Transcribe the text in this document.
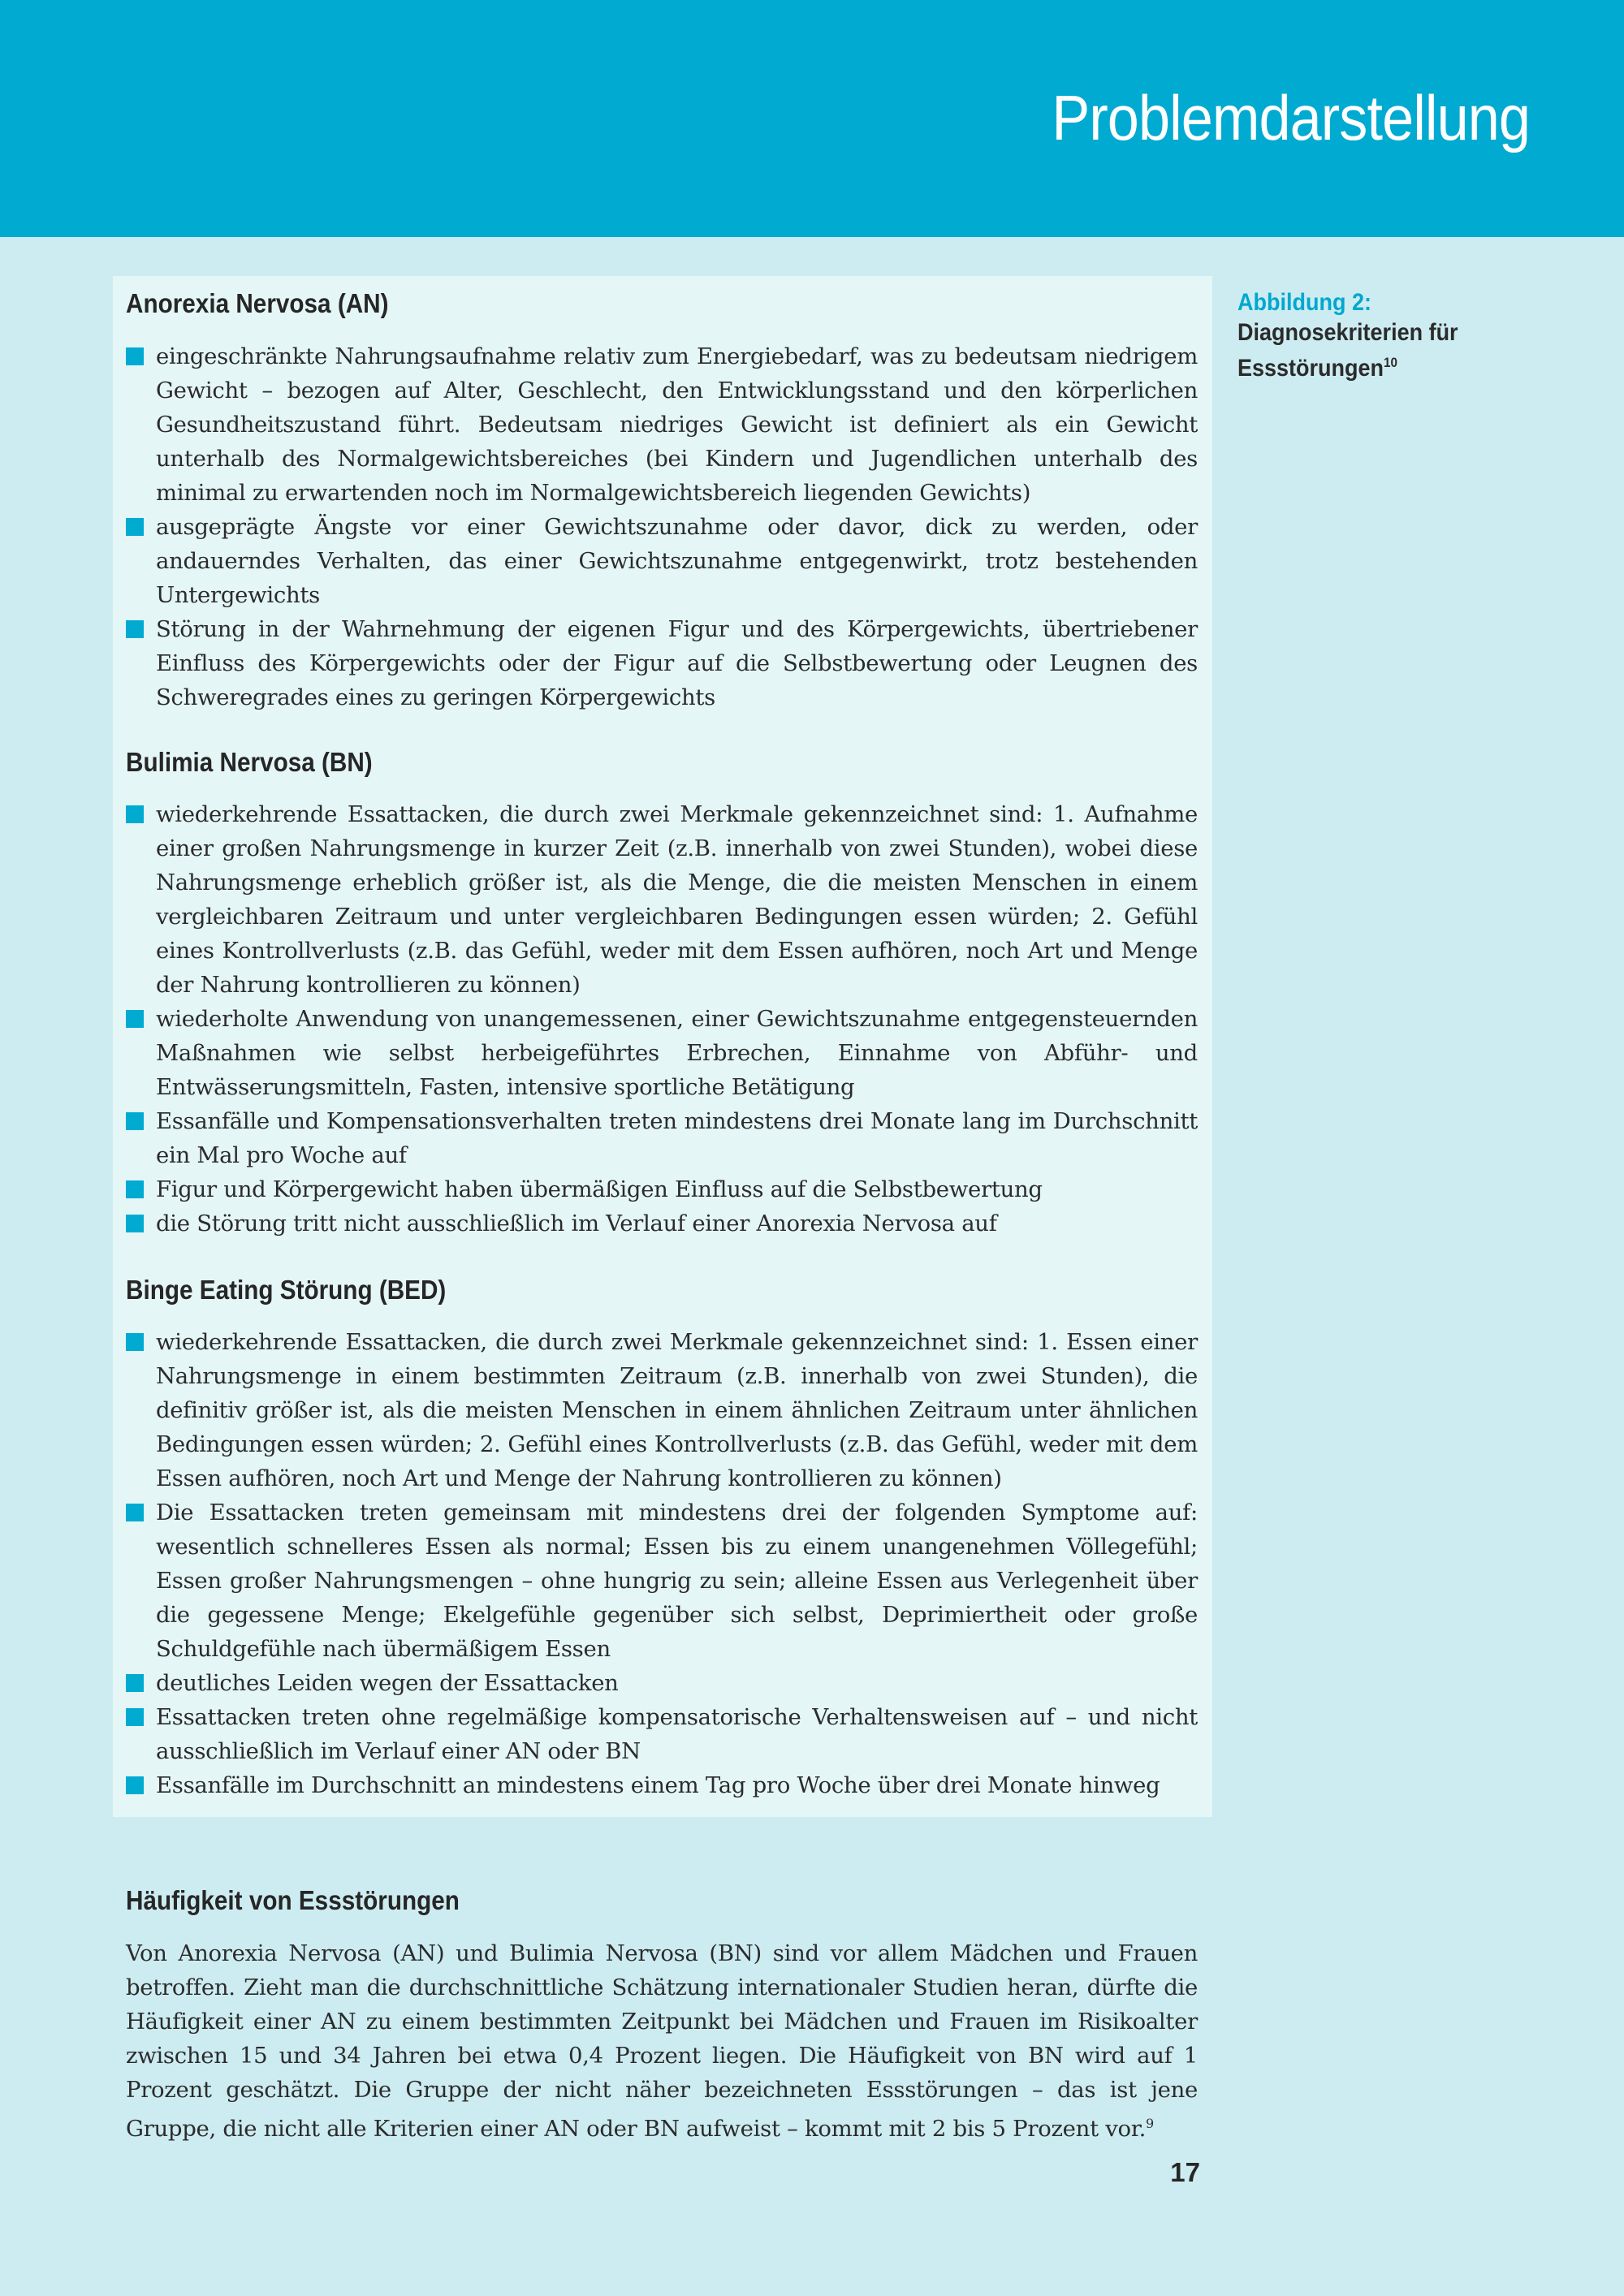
Problemdarstellung
Anorexia Nervosa (AN)
eingeschränkte Nahrungsaufnahme relativ zum Energiebedarf, was zu bedeutsam niedrigem Gewicht – bezogen auf Alter, Geschlecht, den Entwicklungsstand und den körperlichen Gesundheitszustand führt. Bedeutsam niedriges Gewicht ist definiert als ein Gewicht unterhalb des Normalgewichtsbereiches (bei Kindern und Jugendlichen unterhalb des minimal zu erwartenden noch im Normalgewichtsbereich liegenden Gewichts)
ausgeprägte Ängste vor einer Gewichtszunahme oder davor, dick zu werden, oder andauerndes Verhalten, das einer Gewichtszunahme entgegenwirkt, trotz bestehenden Untergewichts
Störung in der Wahrnehmung der eigenen Figur und des Körpergewichts, übertriebener Einfluss des Körpergewichts oder der Figur auf die Selbstbewertung oder Leugnen des Schweregrades eines zu geringen Körpergewichts
Bulimia Nervosa (BN)
wiederkehrende Essattacken, die durch zwei Merkmale gekennzeichnet sind: 1. Aufnahme einer großen Nahrungsmenge in kurzer Zeit (z.B. innerhalb von zwei Stunden), wobei diese Nahrungsmenge erheblich größer ist, als die Menge, die die meisten Menschen in einem vergleichbaren Zeitraum und unter vergleichbaren Bedingungen essen würden; 2. Gefühl eines Kontrollverlusts (z.B. das Gefühl, weder mit dem Essen aufhören, noch Art und Menge der Nahrung kontrollieren zu können)
wiederholte Anwendung von unangemessenen, einer Gewichtszunahme entgegensteuernden Maßnahmen wie selbst herbeigeführtes Erbrechen, Einnahme von Abführ- und Entwässerungsmitteln, Fasten, intensive sportliche Betätigung
Essanfälle und Kompensationsverhalten treten mindestens drei Monate lang im Durchschnitt ein Mal pro Woche auf
Figur und Körpergewicht haben übermäßigen Einfluss auf die Selbstbewertung
die Störung tritt nicht ausschließlich im Verlauf einer Anorexia Nervosa auf
Binge Eating Störung (BED)
wiederkehrende Essattacken, die durch zwei Merkmale gekennzeichnet sind: 1. Essen einer Nahrungsmenge in einem bestimmten Zeitraum (z.B. innerhalb von zwei Stunden), die definitiv größer ist, als die meisten Menschen in einem ähnlichen Zeitraum unter ähnlichen Bedingungen essen würden; 2. Gefühl eines Kontrollverlusts (z.B. das Gefühl, weder mit dem Essen aufhören, noch Art und Menge der Nahrung kontrollieren zu können)
Die Essattacken treten gemeinsam mit mindestens drei der folgenden Symptome auf: wesentlich schnelleres Essen als normal; Essen bis zu einem unangenehmen Völlegefühl; Essen großer Nahrungsmengen – ohne hungrig zu sein; alleine Essen aus Verlegenheit über die gegessene Menge; Ekelgefühle gegenüber sich selbst, Deprimiertheit oder große Schuldgefühle nach übermäßigem Essen
deutliches Leiden wegen der Essattacken
Essattacken treten ohne regelmäßige kompensatorische Verhaltensweisen auf – und nicht ausschließlich im Verlauf einer AN oder BN
Essanfälle im Durchschnitt an mindestens einem Tag pro Woche über drei Monate hinweg
Abbildung 2:
Diagnosekriterien für Essstörungen$^{10}$
Häufigkeit von Essstörungen
Von Anorexia Nervosa (AN) und Bulimia Nervosa (BN) sind vor allem Mädchen und Frauen betroffen. Zieht man die durchschnittliche Schätzung internationaler Studien heran, dürfte die Häufigkeit einer AN zu einem bestimmten Zeitpunkt bei Mädchen und Frauen im Risikoalter zwischen 15 und 34 Jahren bei etwa 0,4 Prozent liegen. Die Häufigkeit von BN wird auf 1 Prozent geschätzt. Die Gruppe der nicht näher bezeichneten Essstörungen – das ist jene Gruppe, die nicht alle Kriterien einer AN oder BN aufweist – kommt mit 2 bis 5 Prozent vor.$^9$
17
